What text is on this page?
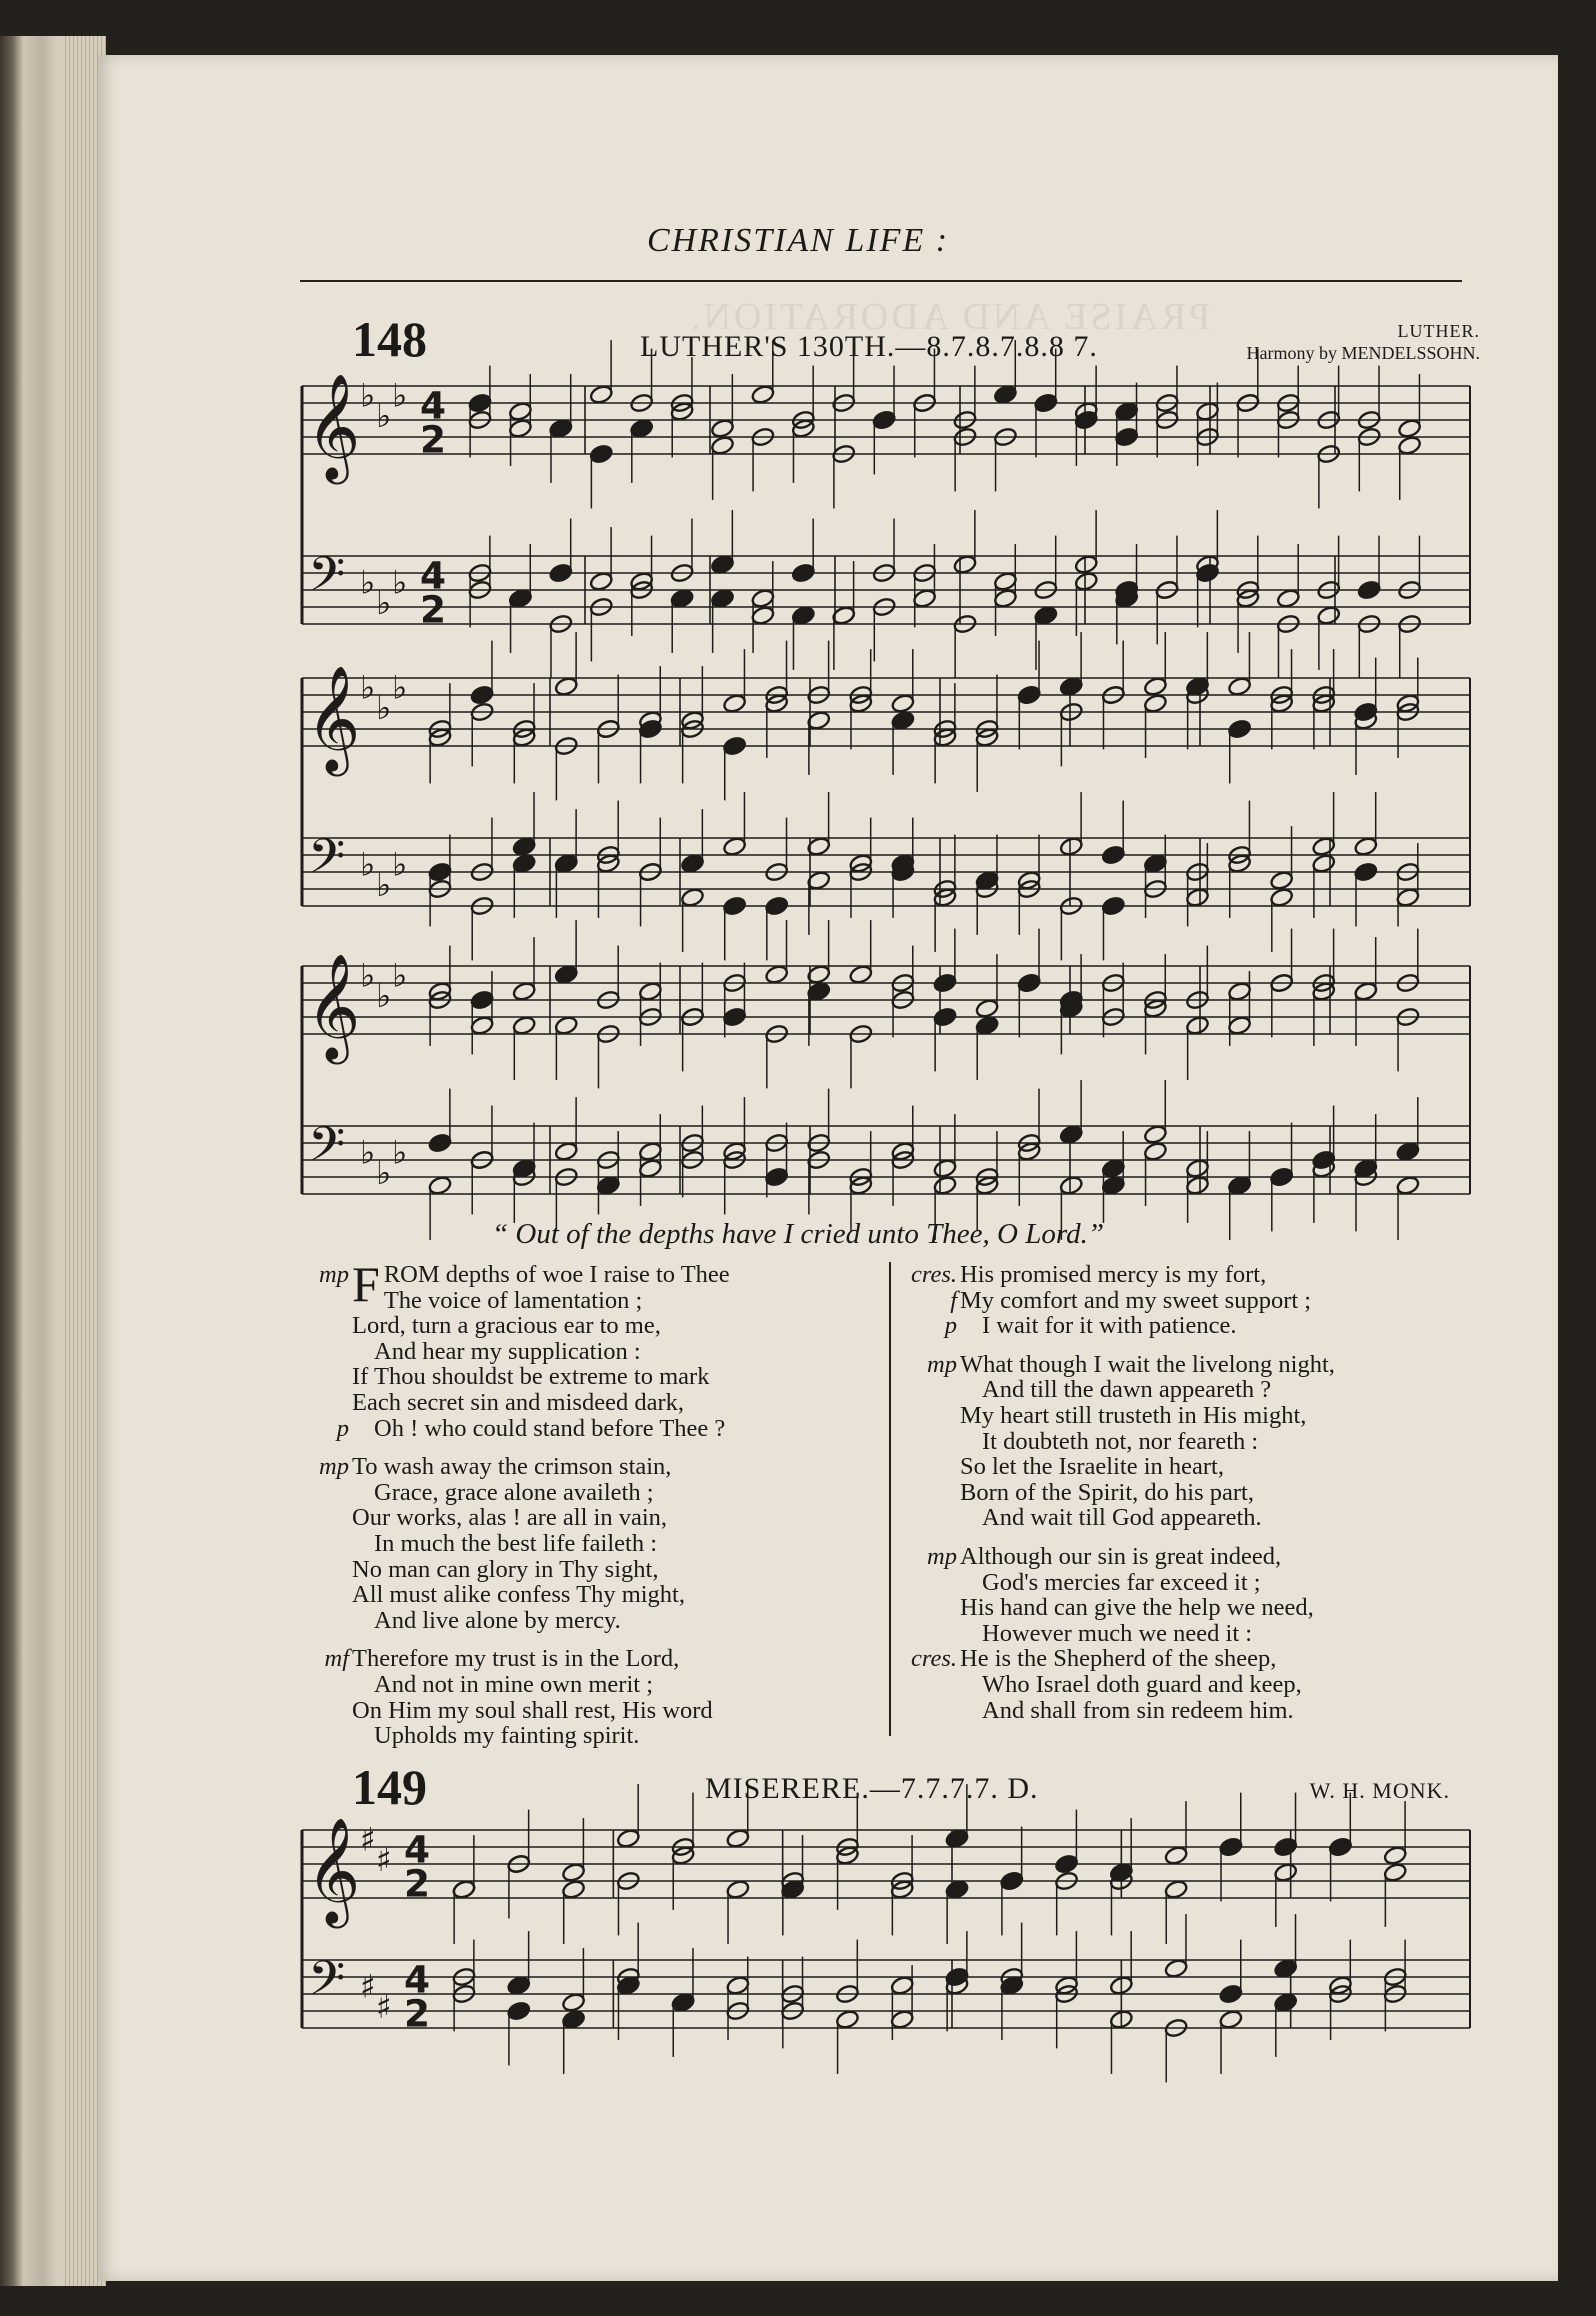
PRAISE AND ADORATION.
CHRISTIAN LIFE :
148	LUTHER'S 130TH.—8.7.8.7.8.8 7.	LUTHER.
Harmony by MENDELSSOHN.
𝄞
𝄢
♭
♭
♭
♭
♭
♭
4
2
4
2
𝄞
𝄢
♭
♭
♭
♭
♭
♭
𝄞
𝄢
♭
♭
♭
♭
♭
♭
𝄞
𝄢
♯
♯
♯
♯
4
2
4
2
“ Out of the depths have I cried unto Thee, O Lord.”
mp F ROM depths of woe I raise to Thee
The voice of lamentation ;
Lord, turn a gracious ear to me,
And hear my supplication :
If Thou shouldst be extreme to mark
Each secret sin and misdeed dark,
p Oh ! who could stand before Thee ?
mp To wash away the crimson stain,
Grace, grace alone availeth ;
Our works, alas ! are all in vain,
In much the best life faileth :
No man can glory in Thy sight,
All must alike confess Thy might,
And live alone by mercy.
mf Therefore my trust is in the Lord,
And not in mine own merit ;
On Him my soul shall rest, His word
Upholds my fainting spirit.
cres. His promised mercy is my fort,
f My comfort and my sweet support ;
p I wait for it with patience.
mp What though I wait the livelong night,
And till the dawn appeareth ?
My heart still trusteth in His might,
It doubteth not, nor feareth :
So let the Israelite in heart,
Born of the Spirit, do his part,
And wait till God appeareth.
mp Although our sin is great indeed,
God's mercies far exceed it ;
His hand can give the help we need,
However much we need it :
cres. He is the Shepherd of the sheep,
Who Israel doth guard and keep,
And shall from sin redeem him.
149	MISERERE.—7.7.7.7. D.	W. H. MONK.
